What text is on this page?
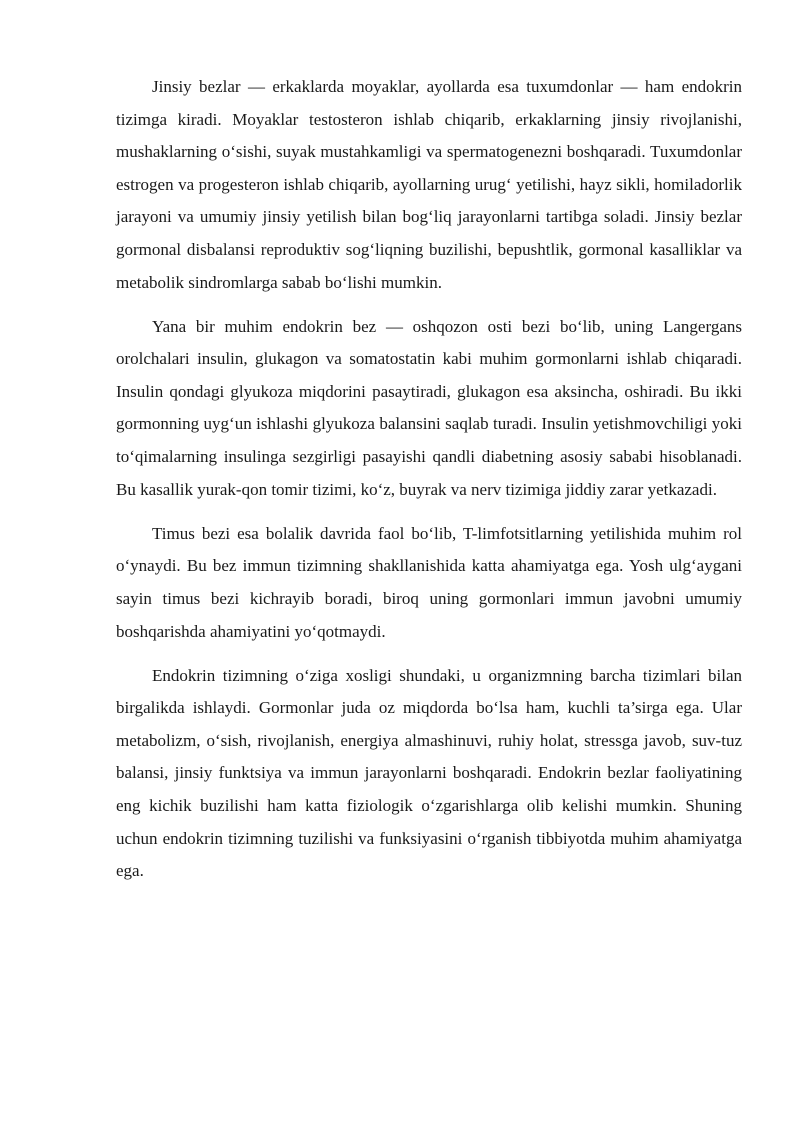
Jinsiy bezlar — erkaklarda moyaklar, ayollarda esa tuxumdonlar — ham endokrin tizimga kiradi. Moyaklar testosteron ishlab chiqarib, erkaklarning jinsiy rivojlanishi, mushaklarning o‘sishi, suyak mustahkamligi va spermatogenezni boshqaradi. Tuxumdonlar estrogen va progesteron ishlab chiqarib, ayollarning urug‘ yetilishi, hayz sikli, homiladorlik jarayoni va umumiy jinsiy yetilish bilan bog‘liq jarayonlarni tartibga soladi. Jinsiy bezlar gormonal disbalansi reproduktiv sog‘liqning buzilishi, bepushtlik, gormonal kasalliklar va metabolik sindromlarga sabab bo‘lishi mumkin.

Yana bir muhim endokrin bez — oshqozon osti bezi bo‘lib, uning Langergans orolchalari insulin, glukagon va somatostatin kabi muhim gormonlarni ishlab chiqaradi. Insulin qondagi glyukoza miqdorini pasaytiradi, glukagon esa aksincha, oshiradi. Bu ikki gormonning uyg‘un ishlashi glyukoza balansini saqlab turadi. Insulin yetishmovchiligi yoki to‘qimalarning insulinga sezgirligi pasayishi qandli diabetning asosiy sababi hisoblanadi. Bu kasallik yurak-qon tomir tizimi, ko‘z, buyrak va nerv tizimiga jiddiy zarar yetkazadi.

Timus bezi esa bolalik davrida faol bo‘lib, T-limfotsitlarning yetilishida muhim rol o‘ynaydi. Bu bez immun tizimning shakllanishida katta ahamiyatga ega. Yosh ulg‘aygani sayin timus bezi kichrayib boradi, biroq uning gormonlari immun javobni umumiy boshqarishda ahamiyatini yo‘qotmaydi.

Endokrin tizimning o‘ziga xosligi shundaki, u organizmning barcha tizimlari bilan birgalikda ishlaydi. Gormonlar juda oz miqdorda bo‘lsa ham, kuchli ta’sirga ega. Ular metabolizm, o‘sish, rivojlanish, energiya almashinuvi, ruhiy holat, stressga javob, suv-tuz balansi, jinsiy funktsiya va immun jarayonlarni boshqaradi. Endokrin bezlar faoliyatining eng kichik buzilishi ham katta fiziologik o‘zgarishlarga olib kelishi mumkin. Shuning uchun endokrin tizimning tuzilishi va funksiyasini o‘rganish tibbiyotda muhim ahamiyatga ega.
